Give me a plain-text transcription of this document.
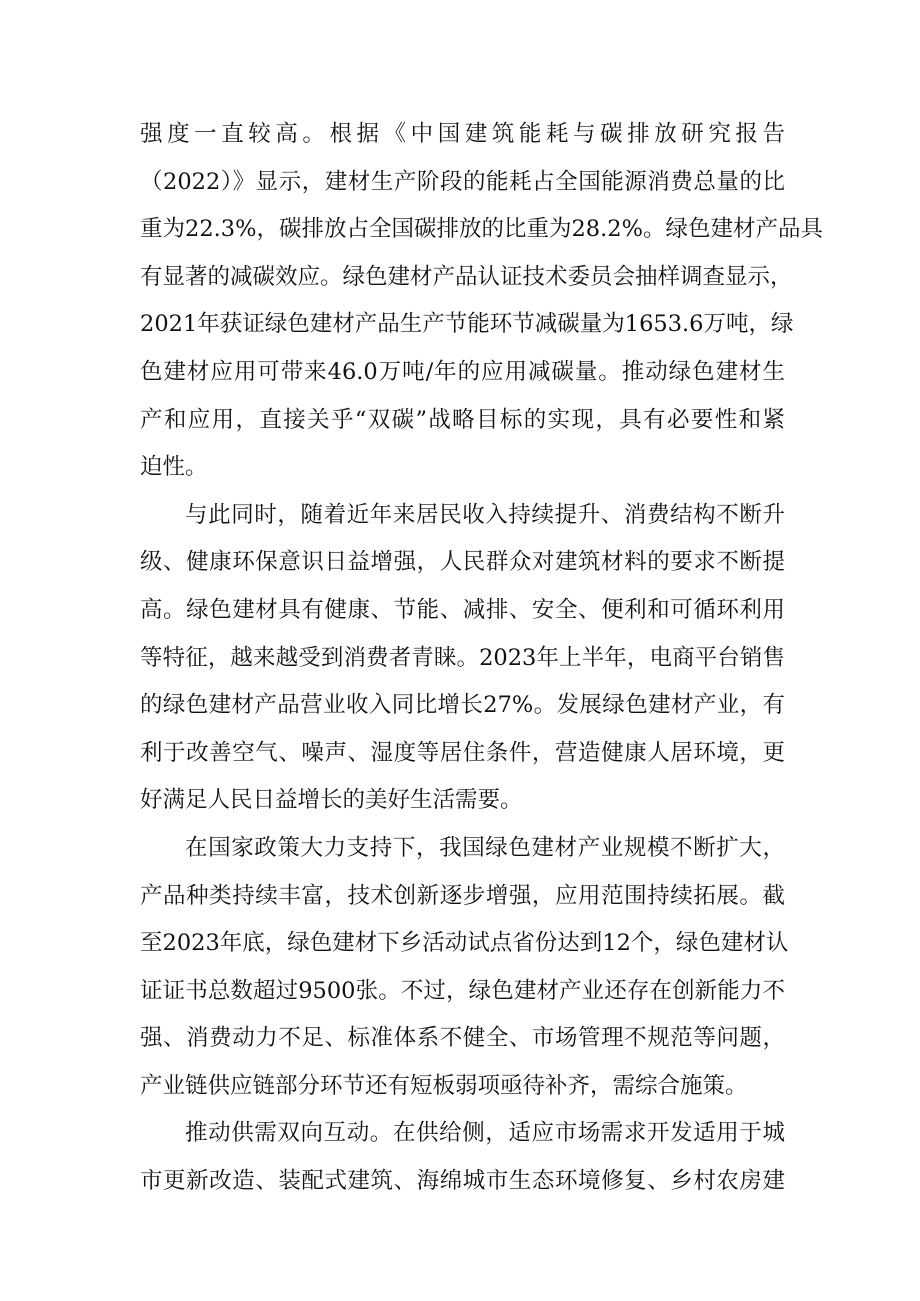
强度一直较高。根据《中国建筑能耗与碳排放研究报告
（2022）》显示，建材生产阶段的能耗占全国能源消费总量的比
重为22.3%，碳排放占全国碳排放的比重为28.2%。绿色建材产品具
有显著的减碳效应。绿色建材产品认证技术委员会抽样调查显示，
2021年获证绿色建材产品生产节能环节减碳量为1653.6万吨，绿
色建材应用可带来46.0万吨/年的应用减碳量。推动绿色建材生
产和应用，直接关乎“双碳”战略目标的实现，具有必要性和紧
迫性。
与此同时，随着近年来居民收入持续提升、消费结构不断升
级、健康环保意识日益增强，人民群众对建筑材料的要求不断提
高。绿色建材具有健康、节能、减排、安全、便利和可循环利用
等特征，越来越受到消费者青睐。2023年上半年，电商平台销售
的绿色建材产品营业收入同比增长27%。发展绿色建材产业，有
利于改善空气、噪声、湿度等居住条件，营造健康人居环境，更
好满足人民日益增长的美好生活需要。
在国家政策大力支持下，我国绿色建材产业规模不断扩大，
产品种类持续丰富，技术创新逐步增强，应用范围持续拓展。截
至2023年底，绿色建材下乡活动试点省份达到12个，绿色建材认
证证书总数超过9500张。不过，绿色建材产业还存在创新能力不
强、消费动力不足、标准体系不健全、市场管理不规范等问题，
产业链供应链部分环节还有短板弱项亟待补齐，需综合施策。
推动供需双向互动。在供给侧，适应市场需求开发适用于城
市更新改造、装配式建筑、海绵城市生态环境修复、乡村农房建
